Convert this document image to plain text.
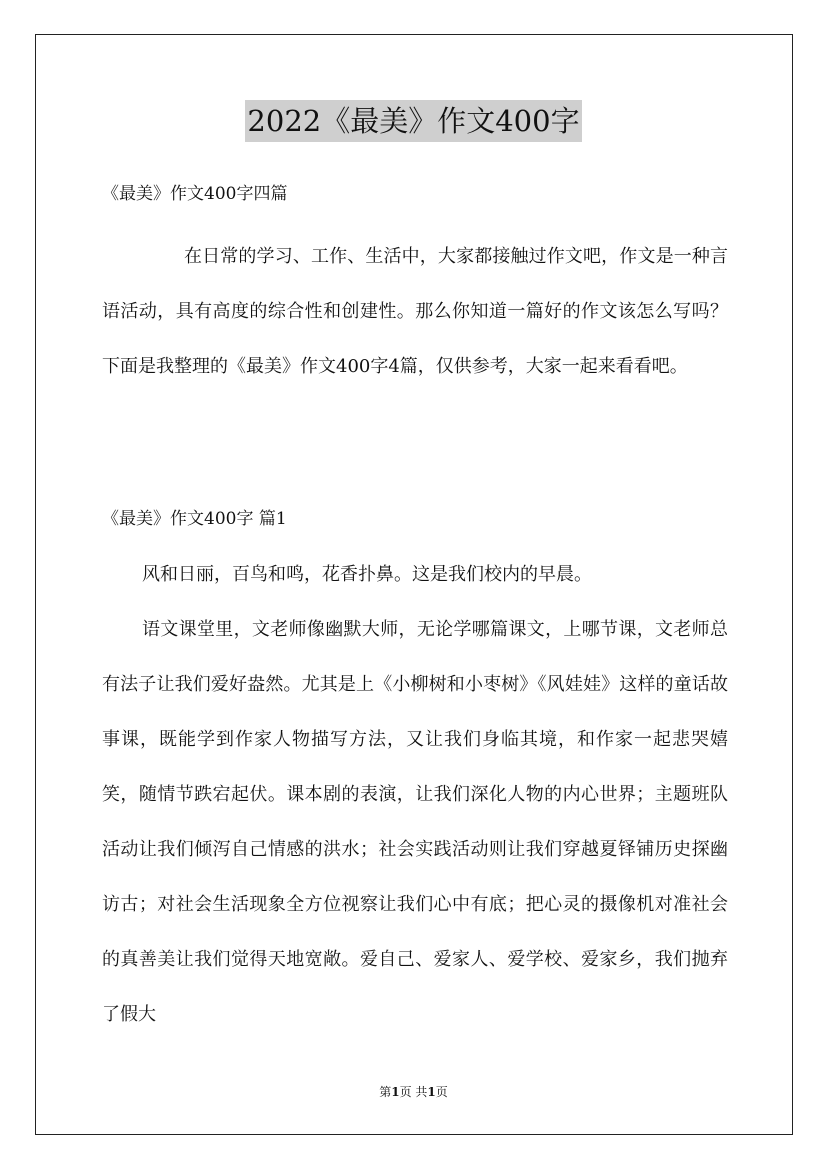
2022《最美》作文400字
《最美》作文400字四篇

在日常的学习、工作、生活中，大家都接触过作文吧，作文是一种言语活动，具有高度的综合性和创建性。那么你知道一篇好的作文该怎么写吗？下面是我整理的《最美》作文400字4篇，仅供参考，大家一起来看看吧。

《最美》作文400字 篇1

风和日丽，百鸟和鸣，花香扑鼻。这是我们校内的早晨。

语文课堂里，文老师像幽默大师，无论学哪篇课文，上哪节课，文老师总有法子让我们爱好盎然。尤其是上《小柳树和小枣树》《风娃娃》这样的童话故事课，既能学到作家人物描写方法，又让我们身临其境，和作家一起悲哭嬉笑，随情节跌宕起伏。课本剧的表演，让我们深化人物的内心世界；主题班队活动让我们倾泻自己情感的洪水；社会实践活动则让我们穿越夏铎铺历史探幽访古；对社会生活现象全方位视察让我们心中有底；把心灵的摄像机对准社会的真善美让我们觉得天地宽敞。爱自己、爱家人、爱学校、爱家乡，我们抛弃了假大

第1页 共1页
